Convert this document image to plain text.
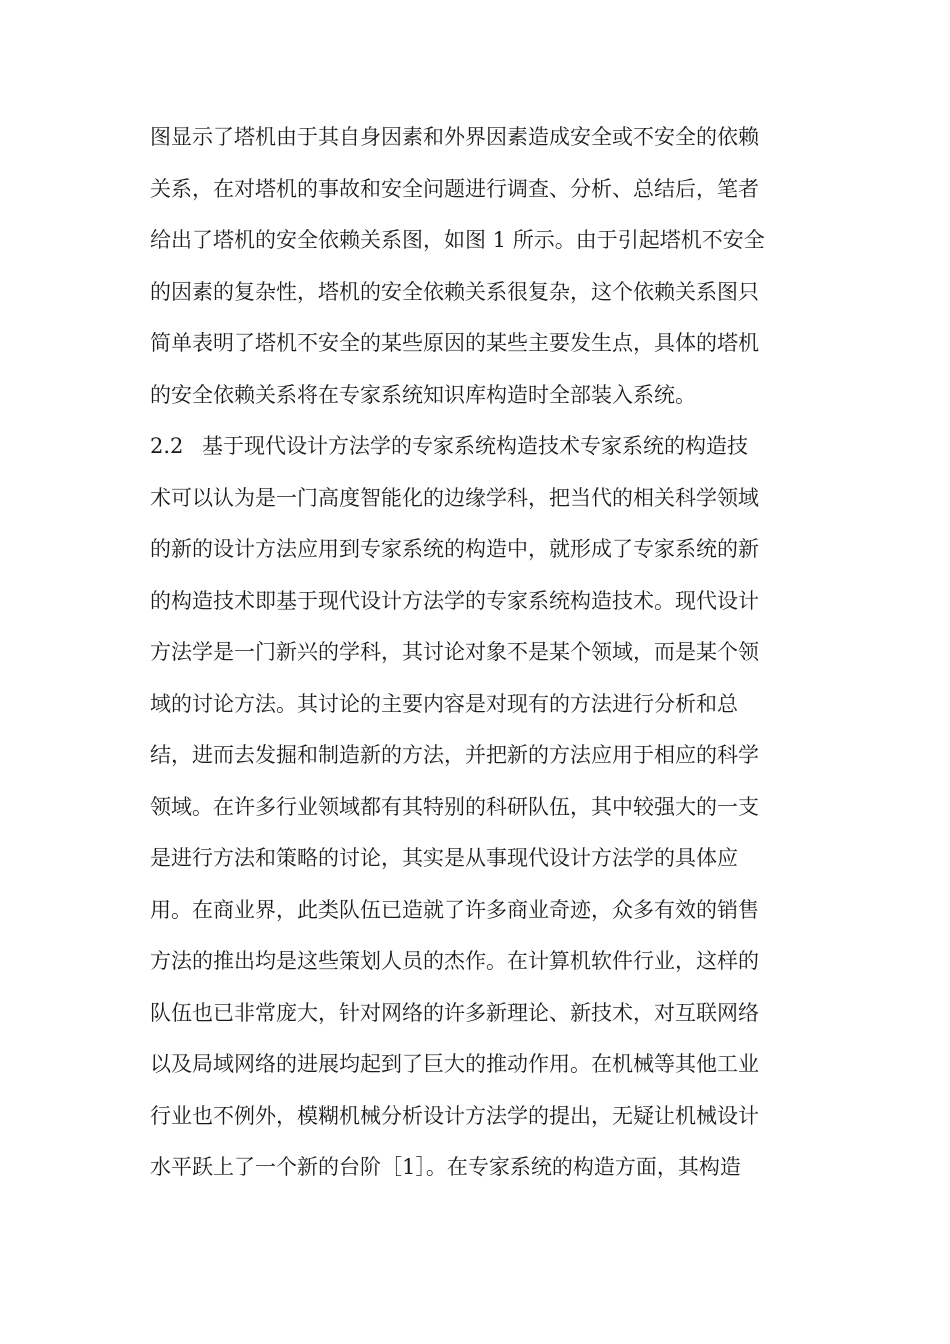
图显示了塔机由于其自身因素和外界因素造成安全或不安全的依赖
关系，在对塔机的事故和安全问题进行调查、分析、总结后，笔者
给出了塔机的安全依赖关系图，如图 1 所示。由于引起塔机不安全
的因素的复杂性，塔机的安全依赖关系很复杂，这个依赖关系图只
简单表明了塔机不安全的某些原因的某些主要发生点，具体的塔机
的安全依赖关系将在专家系统知识库构造时全部装入系统。
2.2 基于现代设计方法学的专家系统构造技术专家系统的构造技
术可以认为是一门高度智能化的边缘学科，把当代的相关科学领域
的新的设计方法应用到专家系统的构造中，就形成了专家系统的新
的构造技术即基于现代设计方法学的专家系统构造技术。现代设计
方法学是一门新兴的学科，其讨论对象不是某个领域，而是某个领
域的讨论方法。其讨论的主要内容是对现有的方法进行分析和总
结，进而去发掘和制造新的方法，并把新的方法应用于相应的科学
领域。在许多行业领域都有其特别的科研队伍，其中较强大的一支
是进行方法和策略的讨论，其实是从事现代设计方法学的具体应
用。在商业界，此类队伍已造就了许多商业奇迹，众多有效的销售
方法的推出均是这些策划人员的杰作。在计算机软件行业，这样的
队伍也已非常庞大，针对网络的许多新理论、新技术，对互联网络
以及局域网络的进展均起到了巨大的推动作用。在机械等其他工业
行业也不例外，模糊机械分析设计方法学的提出，无疑让机械设计
水平跃上了一个新的台阶［1］。在专家系统的构造方面，其构造
